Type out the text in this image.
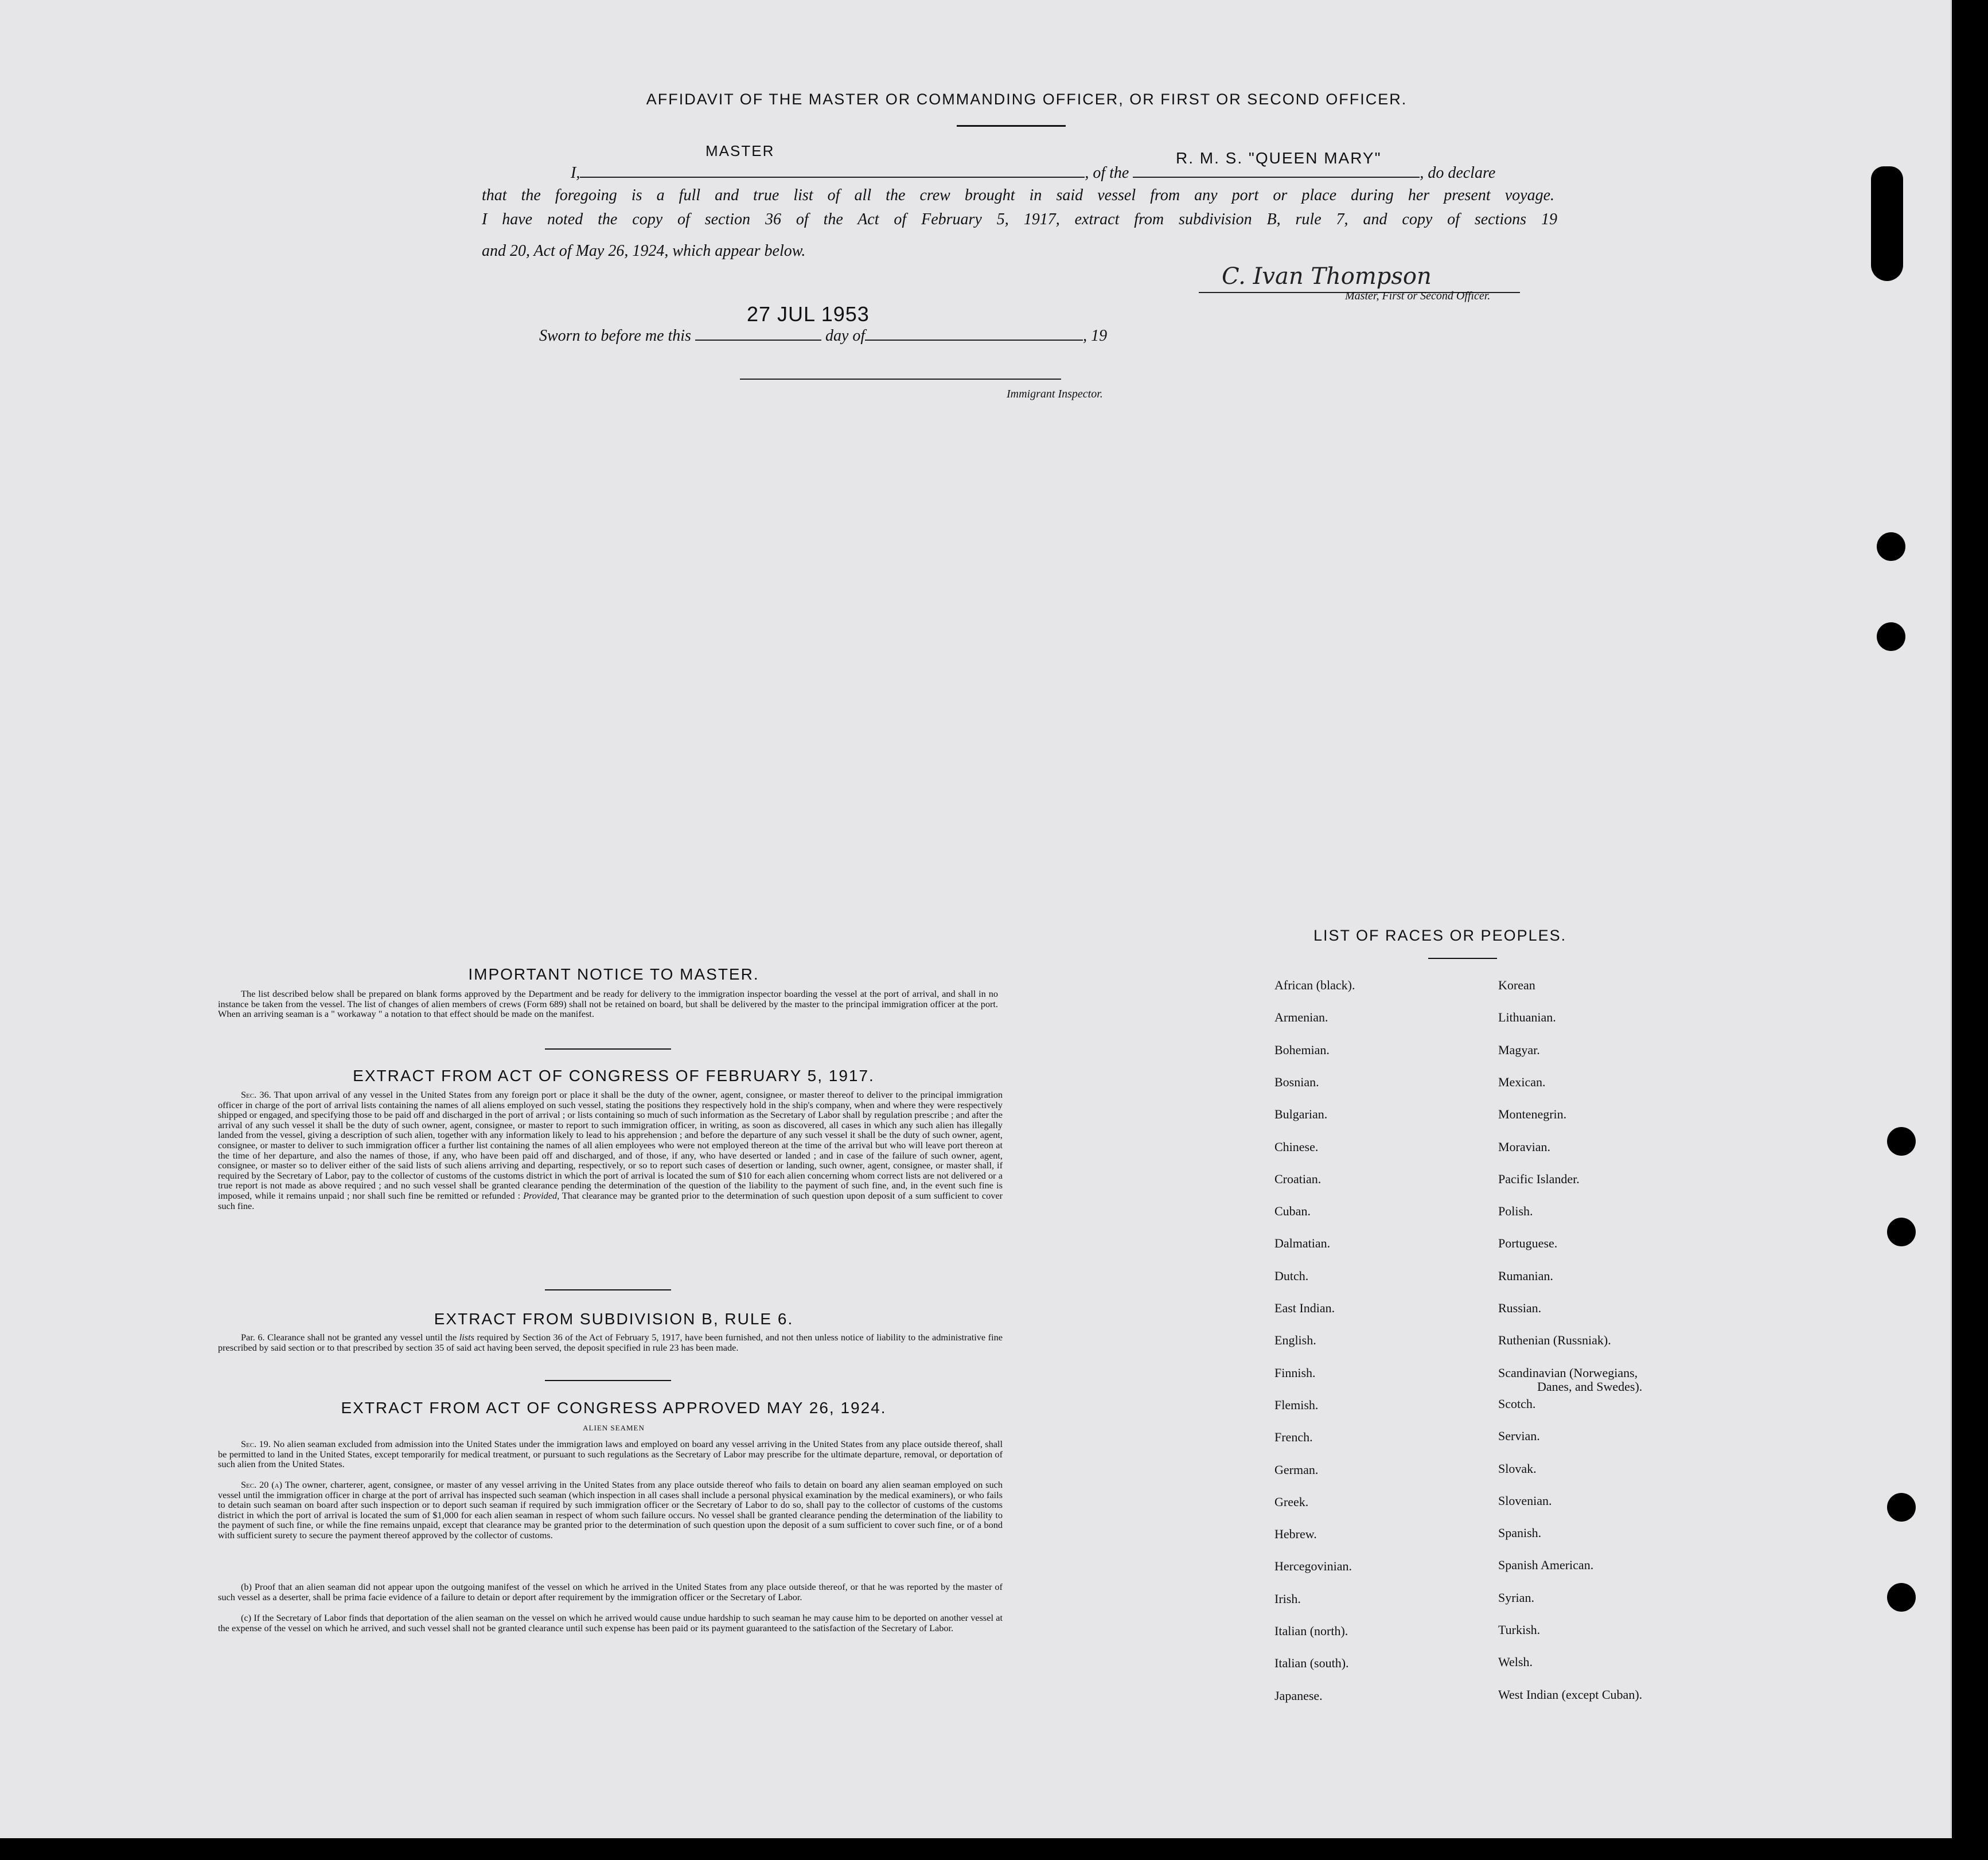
AFFIDAVIT OF THE MASTER OR COMMANDING OFFICER, OR FIRST OR SECOND OFFICER.
MASTER
I,	, of the	, do declare
R. M. S. "QUEEN MARY"
that the foregoing is a full and true list of all the crew brought in said vessel from any port or place during her present voyage.
I have noted the copy of section 36 of the Act of February 5, 1917, extract from subdivision B, rule 7, and copy of sections 19
and 20, Act of May 26, 1924, which appear below.
C. Ivan Thompson
Master, First or Second Officer.
Sworn to before me this	day of	, 19
27 JUL 1953
Immigrant Inspector.
IMPORTANT NOTICE TO MASTER.

The list described below shall be prepared on blank forms approved by the Department and be ready for delivery to the immigration inspector boarding the vessel at the port of arrival, and shall in no instance be taken from the vessel. The list of changes of alien members of crews (Form 689) shall not be retained on board, but shall be delivered by the master to the principal immigration officer at the port. When an arriving seaman is a " workaway " a notation to that effect should be made on the manifest.

EXTRACT FROM ACT OF CONGRESS OF FEBRUARY 5, 1917.

Sec. 36. That upon arrival of any vessel in the United States from any foreign port or place it shall be the duty of the owner, agent, consignee, or master thereof to deliver to the principal immigration officer in charge of the port of arrival lists containing the names of all aliens employed on such vessel, stating the positions they respectively hold in the ship's company, when and where they were respectively shipped or engaged, and specifying those to be paid off and discharged in the port of arrival ; or lists containing so much of such information as the Secretary of Labor shall by regulation prescribe ; and after the arrival of any such vessel it shall be the duty of such owner, agent, consignee, or master to report to such immigration officer, in writing, as soon as discovered, all cases in which any such alien has illegally landed from the vessel, giving a description of such alien, together with any information likely to lead to his apprehension ; and before the departure of any such vessel it shall be the duty of such owner, agent, consignee, or master to deliver to such immigration officer a further list containing the names of all alien employees who were not employed thereon at the time of the arrival but who will leave port thereon at the time of her departure, and also the names of those, if any, who have been paid off and discharged, and of those, if any, who have deserted or landed ; and in case of the failure of such owner, agent, consignee, or master so to deliver either of the said lists of such aliens arriving and departing, respectively, or so to report such cases of desertion or landing, such owner, agent, consignee, or master shall, if required by the Secretary of Labor, pay to the collector of customs of the customs district in which the port of arrival is located the sum of $10 for each alien concerning whom correct lists are not delivered or a true report is not made as above required ; and no such vessel shall be granted clearance pending the determination of the question of the liability to the payment of such fine, and, in the event such fine is imposed, while it remains unpaid ; nor shall such fine be remitted or refunded : Provided, That clearance may be granted prior to the determination of such question upon deposit of a sum sufficient to cover such fine.

EXTRACT FROM SUBDIVISION B, RULE 6.

Par. 6. Clearance shall not be granted any vessel until the lists required by Section 36 of the Act of February 5, 1917, have been furnished, and not then unless notice of liability to the administrative fine prescribed by said section or to that prescribed by section 35 of said act having been served, the deposit specified in rule 23 has been made.

EXTRACT FROM ACT OF CONGRESS APPROVED MAY 26, 1924.
ALIEN SEAMEN

Sec. 19. No alien seaman excluded from admission into the United States under the immigration laws and employed on board any vessel arriving in the United States from any place outside thereof, shall be permitted to land in the United States, except temporarily for medical treatment, or pursuant to such regulations as the Secretary of Labor may prescribe for the ultimate departure, removal, or deportation of such alien from the United States.

Sec. 20 (a) The owner, charterer, agent, consignee, or master of any vessel arriving in the United States from any place outside thereof who fails to detain on board any alien seaman employed on such vessel until the immigration officer in charge at the port of arrival has inspected such seaman (which inspection in all cases shall include a personal physical examination by the medical examiners), or who fails to detain such seaman on board after such inspection or to deport such seaman if required by such immigration officer or the Secretary of Labor to do so, shall pay to the collector of customs of the customs district in which the port of arrival is located the sum of $1,000 for each alien seaman in respect of whom such failure occurs. No vessel shall be granted clearance pending the determination of the liability to the payment of such fine, or while the fine remains unpaid, except that clearance may be granted prior to the determination of such question upon the deposit of a sum sufficient to cover such fine, or of a bond with sufficient surety to secure the payment thereof approved by the collector of customs.

(b) Proof that an alien seaman did not appear upon the outgoing manifest of the vessel on which he arrived in the United States from any place outside thereof, or that he was reported by the master of such vessel as a deserter, shall be prima facie evidence of a failure to detain or deport after requirement by the immigration officer or the Secretary of Labor.

(c) If the Secretary of Labor finds that deportation of the alien seaman on the vessel on which he arrived would cause undue hardship to such seaman he may cause him to be deported on another vessel at the expense of the vessel on which he arrived, and such vessel shall not be granted clearance until such expense has been paid or its payment guaranteed to the satisfaction of the Secretary of Labor.

LIST OF RACES OR PEOPLES.
African (black).
Armenian.
Bohemian.
Bosnian.
Bulgarian.
Chinese.
Croatian.
Cuban.
Dalmatian.
Dutch.
East Indian.
English.
Finnish.
Flemish.
French.
German.
Greek.
Hebrew.
Hercegovinian.
Irish.
Italian (north).
Italian (south).
Japanese.
Korean
Lithuanian.
Magyar.
Mexican.
Montenegrin.
Moravian.
Pacific Islander.
Polish.
Portuguese.
Rumanian.
Russian.
Ruthenian (Russniak).
Scandinavian (Norwegians,
Danes, and Swedes).
Scotch.
Servian.
Slovak.
Slovenian.
Spanish.
Spanish American.
Syrian.
Turkish.
Welsh.
West Indian (except Cuban).
